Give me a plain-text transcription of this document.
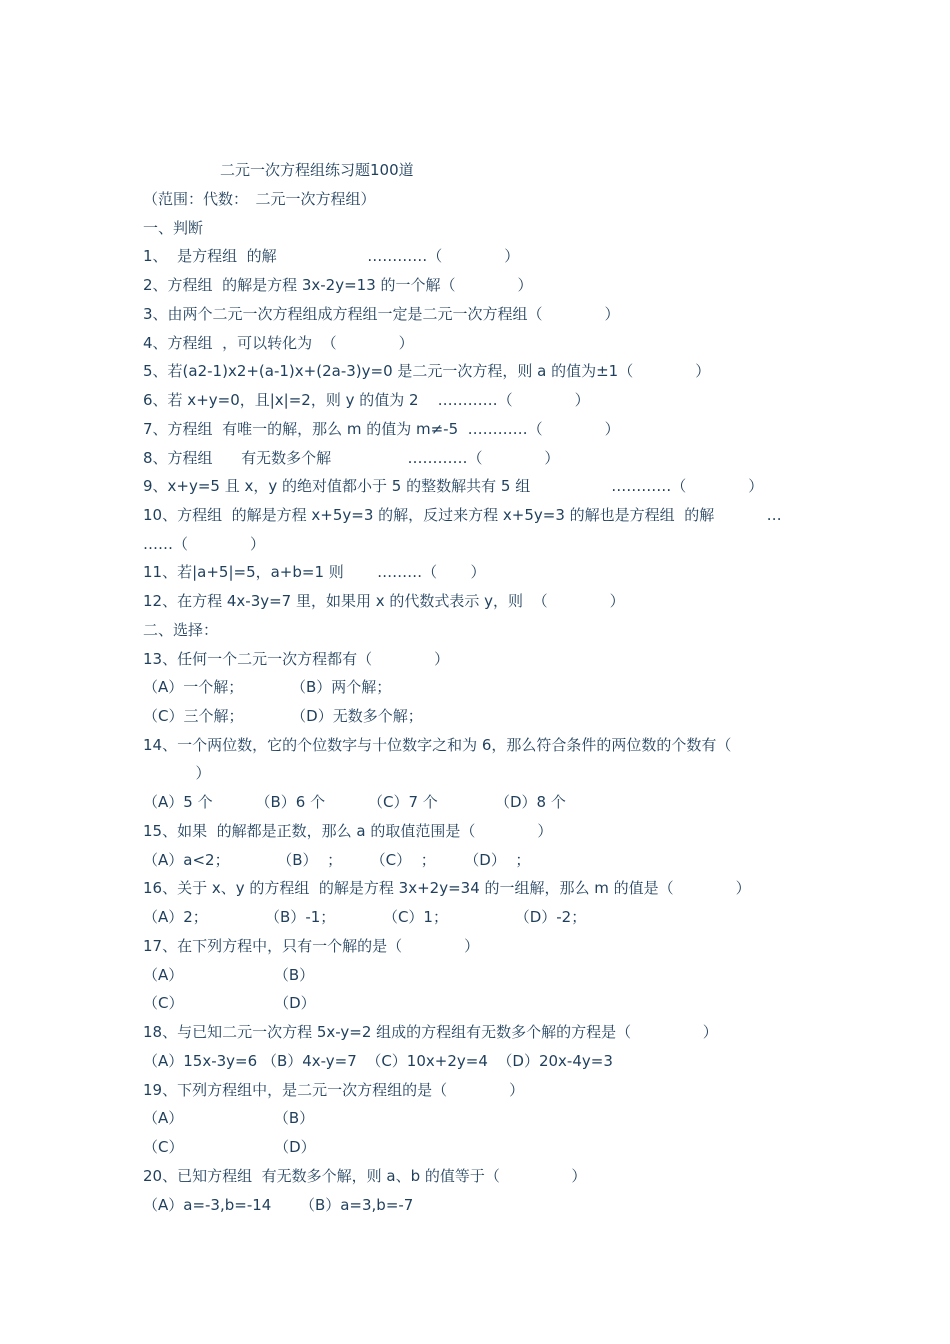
二元一次方程组练习题100道
（范围：代数：　二元一次方程组）
一、判断
1、  是方程组  的解                   …………（             ）
2、方程组  的解是方程 3x-2y=13 的一个解（             ）
3、由两个二元一次方程组成方程组一定是二元一次方程组（             ）
4、方程组  ，可以转化为  （             ）
5、若(a2-1)x2+(a-1)x+(2a-3)y=0 是二元一次方程，则 a 的值为±1（             ）
6、若 x+y=0，且|x|=2，则 y 的值为 2    …………（             ）
7、方程组  有唯一的解，那么 m 的值为 m≠-5  …………（             ）
8、方程组      有无数多个解                …………（             ）
9、x+y=5 且 x，y 的绝对值都小于 5 的整数解共有 5 组                 …………（             ）
10、方程组  的解是方程 x+5y=3 的解，反过来方程 x+5y=3 的解也是方程组  的解           …
……（             ）
11、若|a+5|=5，a+b=1 则       ………（       ）
12、在方程 4x-3y=7 里，如果用 x 的代数式表示 y，则  （             ）
二、选择：
13、任何一个二元一次方程都有（             ）
（A）一个解；          （B）两个解；
（C）三个解；          （D）无数多个解；
14、一个两位数，它的个位数字与十位数字之和为 6，那么符合条件的两位数的个数有（
）
（A）5 个         （B）6 个         （C）7 个            （D）8 个
15、如果  的解都是正数，那么 a 的取值范围是（             ）
（A）a<2；          （B）  ；      （C）  ；      （D）  ；
16、关于 x、y 的方程组  的解是方程 3x+2y=34 的一组解，那么 m 的值是（             ）
（A）2；            （B）-1；          （C）1；              （D）-2；
17、在下列方程中，只有一个解的是（             ）
（A）                   （B）
（C）                   （D）
18、与已知二元一次方程 5x-y=2 组成的方程组有无数多个解的方程是（               ）
（A）15x-3y=6 （B）4x-y=7  （C）10x+2y=4  （D）20x-4y=3
19、下列方程组中，是二元一次方程组的是（             ）
（A）                   （B）
（C）                   （D）
20、已知方程组  有无数多个解，则 a、b 的值等于（               ）
（A）a=-3,b=-14      （B）a=3,b=-7
